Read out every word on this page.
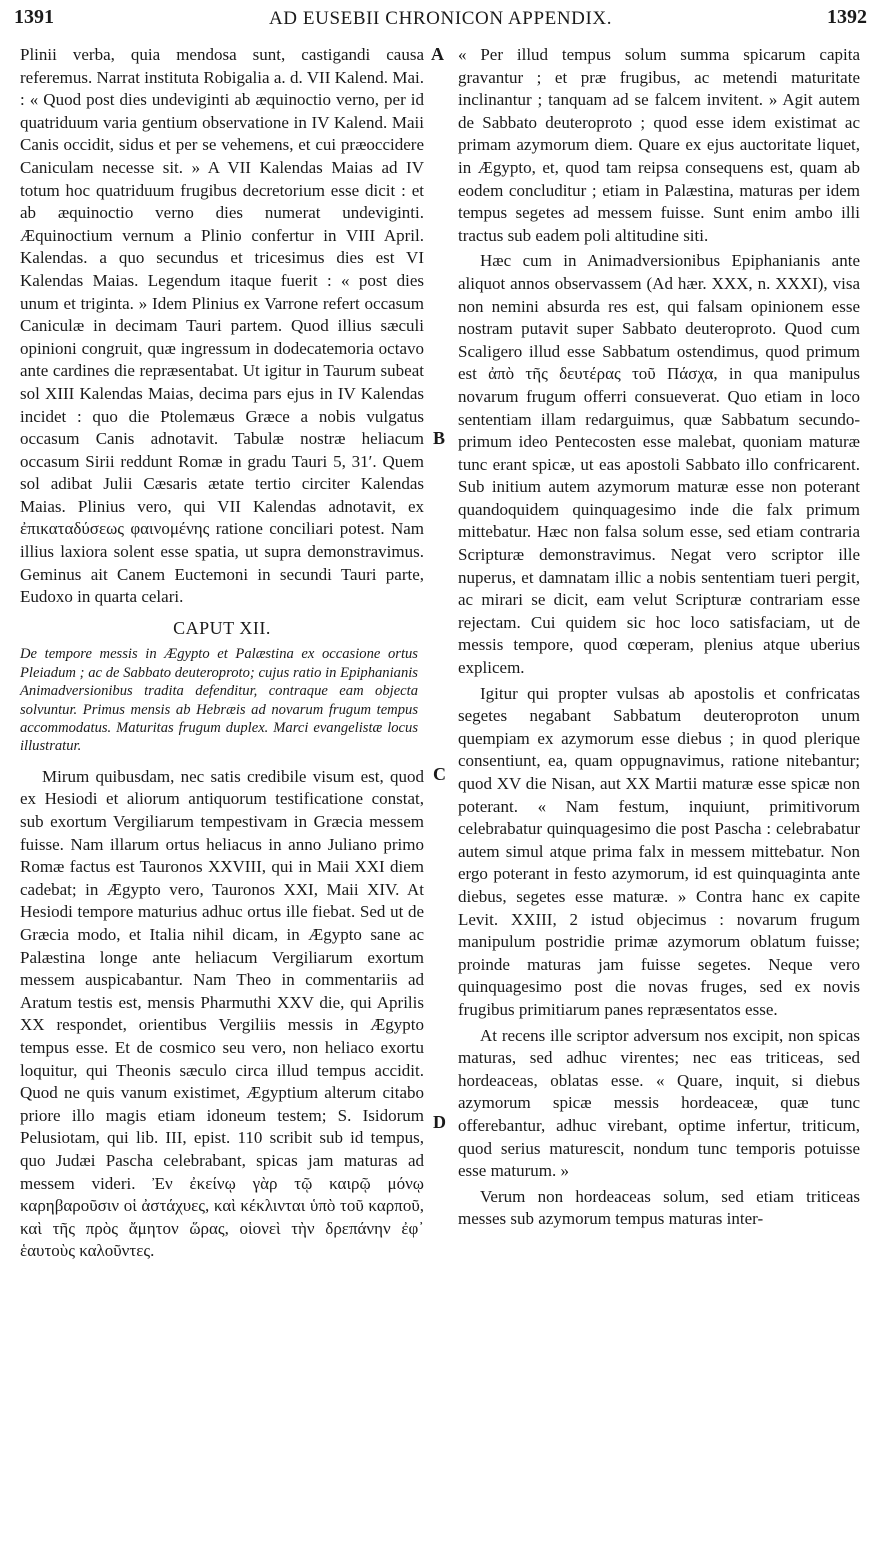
1391	AD EUSEBII CHRONICON APPENDIX.	1392
A
B
C
D

Plinii verba, quia mendosa sunt, castigandi causa referemus. Narrat instituta Robigalia a. d. VII Kalend. Mai. : « Quod post dies undeviginti ab æquinoctio verno, per id quatriduum varia gentium observatione in IV Kalend. Maii Canis occidit, sidus et per se vehemens, et cui præoccidere Caniculam necesse sit. » A VII Kalendas Maias ad IV totum hoc quatriduum frugibus decretorium esse dicit : et ab æquinoctio verno dies numerat undeviginti. Æquinoctium vernum a Plinio confertur in VIII April. Kalendas. a quo secundus et tricesimus dies est VI Kalendas Maias. Legendum itaque fuerit : « post dies unum et triginta. » Idem Plinius ex Varrone refert occasum Caniculæ in decimam Tauri partem. Quod illius sæculi opinioni congruit, quæ ingressum in dodecatemoria octavo ante cardines die repræsentabat. Ut igitur in Taurum subeat sol XIII Kalendas Maias, decima pars ejus in IV Kalendas incidet : quo die Ptolemæus Græce a nobis vulgatus occasum Canis adnotavit. Tabulæ nostræ heliacum occasum Sirii reddunt Romæ in gradu Tauri 5, 31′. Quem sol adibat Julii Cæsaris ætate tertio circiter Kalendas Maias. Plinius vero, qui VII Kalendas adnotavit, ex ἐπικαταδύσεως φαινομένης ratione conciliari potest. Nam illius laxiora solent esse spatia, ut supra demonstravimus. Geminus ait Canem Euctemoni in secundi Tauri parte, Eudoxo in quarta celari.

CAPUT XII.
De tempore messis in Ægypto et Palæstina ex occasione ortus Pleiadum ; ac de Sabbato deuteroproto; cujus ratio in Epiphanianis Animadversionibus tradita defenditur, contraque eam objecta solvuntur. Primus mensis ab Hebræis ad novarum frugum tempus accommodatus. Maturitas frugum duplex. Marci evangelistæ locus illustratur.

Mirum quibusdam, nec satis credibile visum est, quod ex Hesiodi et aliorum antiquorum testificatione constat, sub exortum Vergiliarum tempestivam in Græcia messem fuisse. Nam illarum ortus heliacus in anno Juliano primo Romæ factus est Tauronos XXVIII, qui in Maii XXI diem cadebat; in Ægypto vero, Tauronos XXI, Maii XIV. At Hesiodi tempore maturius adhuc ortus ille fiebat. Sed ut de Græcia modo, et Italia nihil dicam, in Ægypto sane ac Palæstina longe ante heliacum Vergiliarum exortum messem auspicabantur. Nam Theo in commentariis ad Aratum testis est, mensis Pharmuthi XXV die, qui Aprilis XX respondet, orientibus Vergiliis messis in Ægypto tempus esse. Et de cosmico seu vero, non heliaco exortu loquitur, qui Theonis sæculo circa illud tempus accidit. Quod ne quis vanum existimet, Ægyptium alterum citabo priore illo magis etiam idoneum testem; S. Isidorum Pelusiotam, qui lib. III, epist. 110 scribit sub id tempus, quo Judæi Pascha celebrabant, spicas jam maturas ad messem videri. Ἐν ἐκείνῳ γὰρ τῷ καιρῷ μόνῳ καρηβαροῦσιν οἱ ἀστάχυες, καὶ κέκλινται ὑπὸ τοῦ καρποῦ, καὶ τῆς πρὸς ἄμητον ὥρας, οἱονεὶ τὴν δρεπάνην ἐφ᾽ ἑαυτοὺς καλοῦντες.

« Per illud tempus solum summa spicarum capita gravantur ; et præ frugibus, ac metendi maturitate inclinantur ; tanquam ad se falcem invitent. » Agit autem de Sabbato deuteroproto ; quod esse idem existimat ac primam azymorum diem. Quare ex ejus auctoritate liquet, in Ægypto, et, quod tam reipsa consequens est, quam ab eodem concluditur ; etiam in Palæstina, maturas per idem tempus segetes ad messem fuisse. Sunt enim ambo illi tractus sub eadem poli altitudine siti.

Hæc cum in Animadversionibus Epiphanianis ante aliquot annos observassem (Ad hær. XXX, n. XXXI), visa non nemini absurda res est, qui falsam opinionem esse nostram putavit super Sabbato deuteroproto. Quod cum Scaligero illud esse Sabbatum ostendimus, quod primum est ἀπὸ τῆς δευτέρας τοῦ Πάσχα, in qua manipulus novarum frugum offerri consueverat. Quo etiam in loco sententiam illam redarguimus, quæ Sabbatum secundo-primum ideo Pentecosten esse malebat, quoniam maturæ tunc erant spicæ, ut eas apostoli Sabbato illo confricarent. Sub initium autem azymorum maturæ esse non poterant quandoquidem quinquagesimo inde die falx primum mittebatur. Hæc non falsa solum esse, sed etiam contraria Scripturæ demonstravimus. Negat vero scriptor ille nuperus, et damnatam illic a nobis sententiam tueri pergit, ac mirari se dicit, eam velut Scripturæ contrariam esse rejectam. Cui quidem sic hoc loco satisfaciam, ut de messis tempore, quod cœperam, plenius atque uberius explicem.

Igitur qui propter vulsas ab apostolis et confricatas segetes negabant Sabbatum deuteroproton unum quempiam ex azymorum esse diebus ; in quod plerique consentiunt, ea, quam oppugnavimus, ratione nitebantur; quod XV die Nisan, aut XX Martii maturæ esse spicæ non poterant. « Nam festum, inquiunt, primitivorum celebrabatur quinquagesimo die post Pascha : celebrabatur autem simul atque prima falx in messem mittebatur. Non ergo poterant in festo azymorum, id est quinquaginta ante diebus, segetes esse maturæ. » Contra hanc ex capite Levit. XXIII, 2 istud objecimus : novarum frugum manipulum postridie primæ azymorum oblatum fuisse; proinde maturas jam fuisse segetes. Neque vero quinquagesimo post die novas fruges, sed ex novis frugibus primitiarum panes repræsentatos esse.

At recens ille scriptor adversum nos excipit, non spicas maturas, sed adhuc virentes; nec eas triticeas, sed hordeaceas, oblatas esse. « Quare, inquit, si diebus azymorum spicæ messis hordeaceæ, quæ tunc offerebantur, adhuc virebant, optime infertur, triticum, quod serius maturescit, nondum tunc temporis potuisse esse maturum. »

Verum non hordeaceas solum, sed etiam triticeas messes sub azymorum tempus maturas inter-
